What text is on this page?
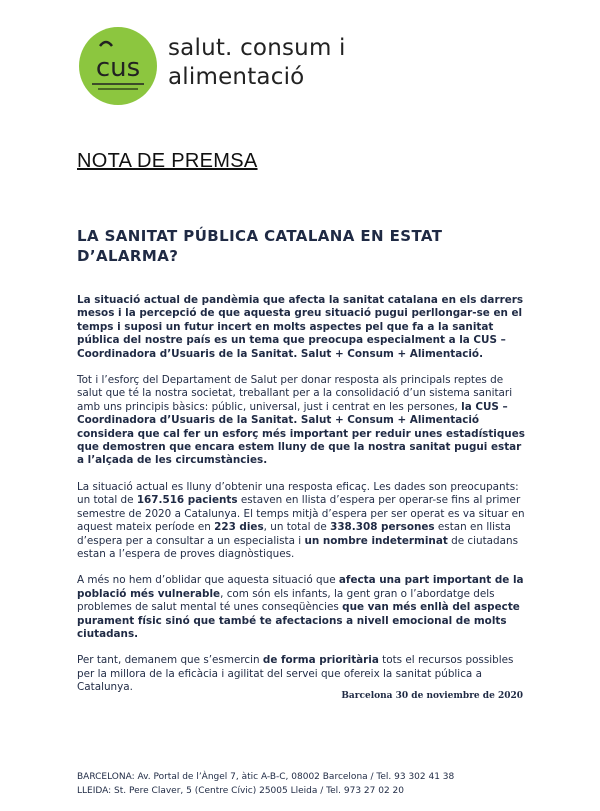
cus
salut. consum i
alimentació
NOTA DE PREMSA
LA SANITAT PÚBLICA CATALANA EN ESTAT
D’ALARMA?

La situació actual de pandèmia que afecta la sanitat catalana en els darrers mesos i la percepció de que aquesta greu situació pugui perllongar-se en el temps i suposi un futur incert en molts aspectes pel que fa a la sanitat pública del nostre país es un tema que preocupa especialment a la CUS – Coordinadora d’Usuaris de la Sanitat. Salut + Consum + Alimentació.

Tot i l’esforç del Departament de Salut per donar resposta als principals reptes de salut que té la nostra societat, treballant per a la consolidació d’un sistema sanitari amb uns principis bàsics: públic, universal, just i centrat en les persones, la CUS – Coordinadora d’Usuaris de la Sanitat. Salut + Consum + Alimentació considera que cal fer un esforç més important per reduir unes estadístiques que demostren que encara estem lluny de que la nostra sanitat pugui estar a l’alçada de les circumstàncies.

La situació actual es lluny d’obtenir una resposta eficaç. Les dades son preocupants: un total de 167.516 pacients estaven en llista d’espera per operar-se fins al primer semestre de 2020 a Catalunya. El temps mitjà d’espera per ser operat es va situar en aquest mateix període en 223 dies, un total de 338.308 persones estan en llista d’espera per a consultar a un especialista i un nombre indeterminat de ciutadans estan a l’espera de proves diagnòstiques.

A més no hem d’oblidar que aquesta situació que afecta una part important de la població més vulnerable, com són els infants, la gent gran o l’abordatge dels problemes de salut mental té unes conseqüències que van més enllà del aspecte purament físic sinó que també te afectacions a nivell emocional de molts ciutadans.

Per tant, demanem que s’esmercin de forma prioritària tots el recursos possibles per la millora de la eficàcia i agilitat del servei que ofereix la sanitat pública a Catalunya.

Barcelona 30 de noviembre de 2020
BARCELONA: Av. Portal de l’Àngel 7, àtic A-B-C, 08002 Barcelona / Tel. 93 302 41 38
LLEIDA: St. Pere Claver, 5 (Centre Cívic) 25005 Lleida / Tel. 973 27 02 20
